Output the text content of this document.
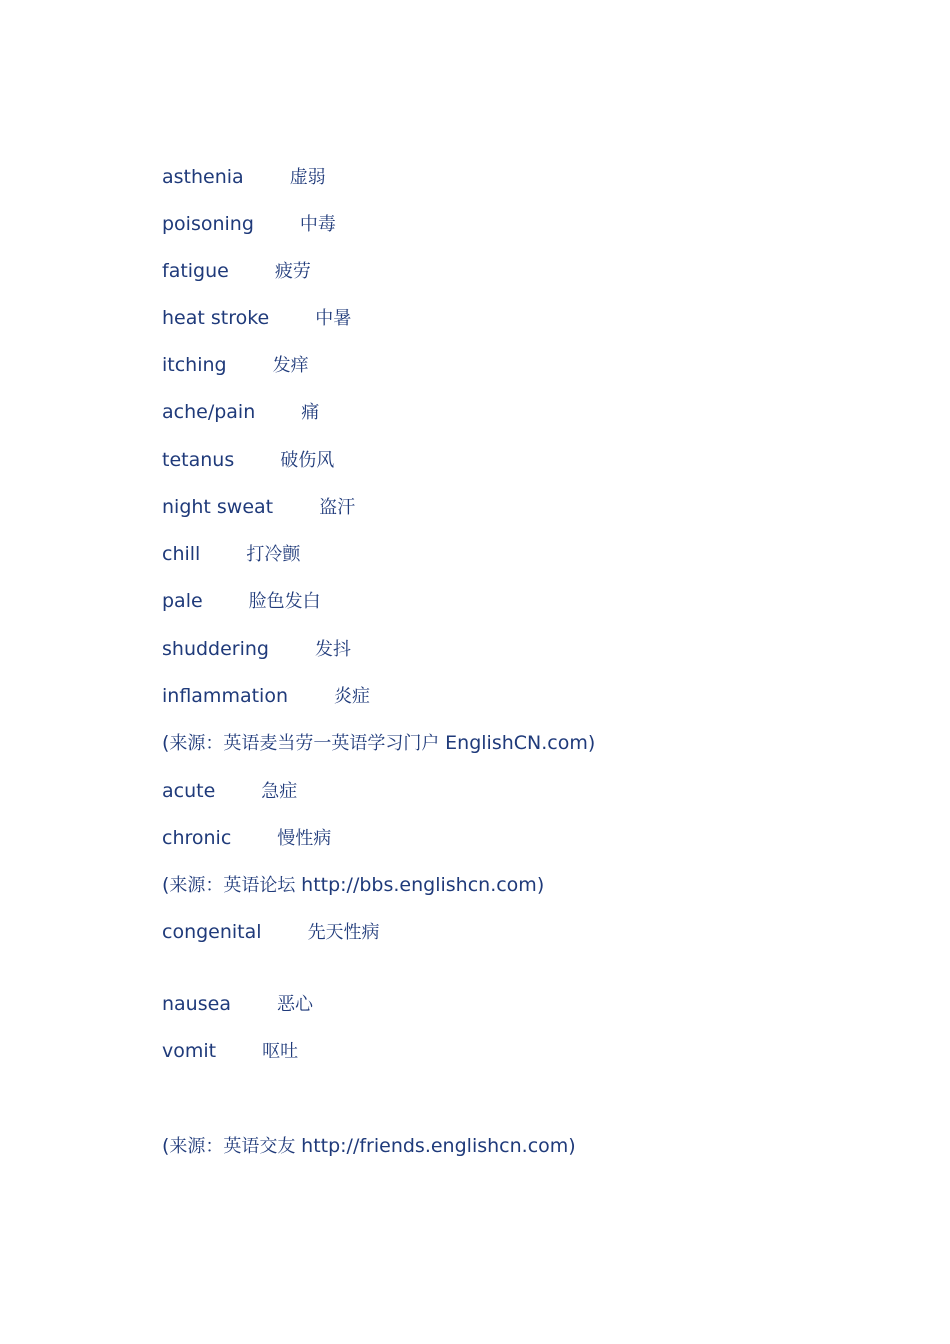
asthenia	虚弱
poisoning	中毒
fatigue	疲劳
heat stroke	中暑
itching	发痒
ache/pain	痛
tetanus	破伤风
night sweat	盗汗
chill	打冷颤
pale	脸色发白
shuddering	发抖
inflammation	炎症
(来源：英语麦当劳一英语学习门户 EnglishCN.com)
acute	急症
chronic	慢性病
(来源：英语论坛 http://bbs.englishcn.com)
congenital	先天性病
nausea	恶心
vomit	呕吐
(来源：英语交友 http://friends.englishcn.com)
